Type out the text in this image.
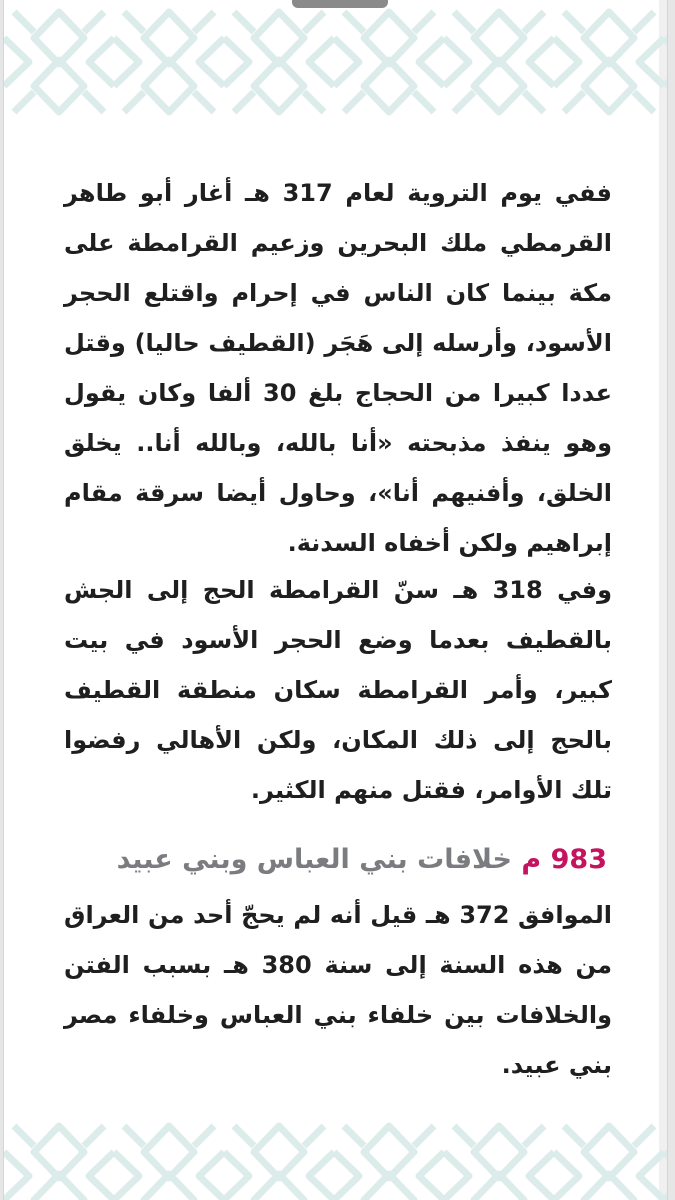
ففي يوم التروية لعام 317 هـ أغار أبو طاهر القرمطي ملك البحرين وزعيم القرامطة على مكة بينما كان الناس في إحرام واقتلع الحجر الأسود، وأرسله إلى هَجَر (القطيف حاليا) وقتل عددا كبيرا من الحجاج بلغ 30 ألفا وكان يقول وهو ينفذ مذبحته «أنا بالله، وبالله أنا.. يخلق الخلق، وأفنيهم أنا»، وحاول أيضا سرقة مقام إبراهيم ولكن أخفاه السدنة.
وفي 318 هـ سنّ القرامطة الحج إلى الجش بالقطيف بعدما وضع الحجر الأسود في بيت كبير، وأمر القرامطة سكان منطقة القطيف بالحج إلى ذلك المكان، ولكن الأهالي رفضوا تلك الأوامر، فقتل منهم الكثير.
983 م خلافات بني العباس وبني عبيد
الموافق 372 هـ قيل أنه لم يحجّ أحد من العراق من هذه السنة إلى سنة 380 هـ بسبب الفتن والخلافات بين خلفاء بني العباس وخلفاء مصر بني عبيد.
